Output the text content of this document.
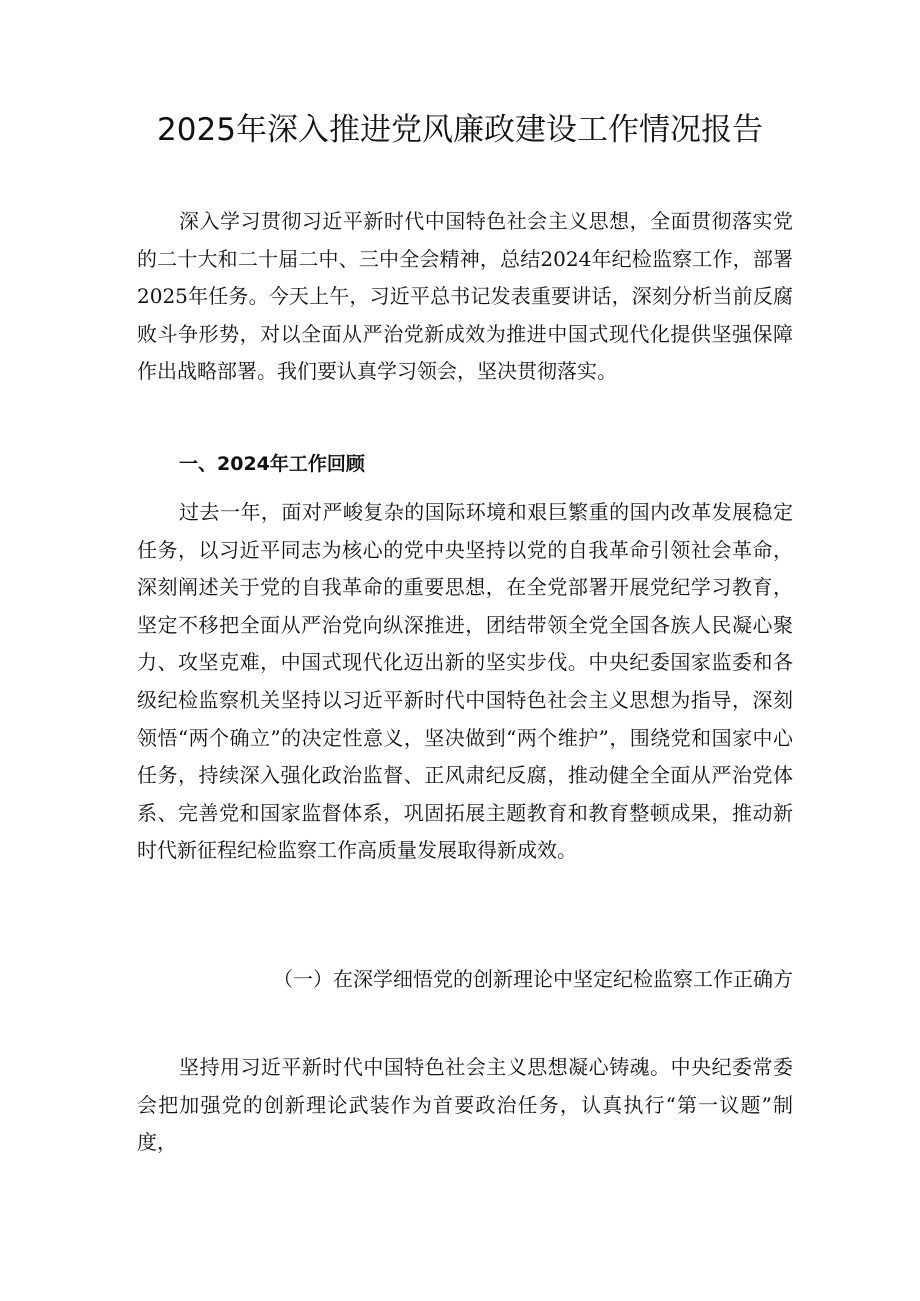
2025年深入推进党风廉政建设工作情况报告

深入学习贯彻习近平新时代中国特色社会主义思想，全面贯彻落实党的二十大和二十届二中、三中全会精神，总结2024年纪检监察工作，部署2025年任务。今天上午，习近平总书记发表重要讲话，深刻分析当前反腐败斗争形势，对以全面从严治党新成效为推进中国式现代化提供坚强保障作出战略部署。我们要认真学习领会，坚决贯彻落实。

一、2024年工作回顾

过去一年，面对严峻复杂的国际环境和艰巨繁重的国内改革发展稳定任务，以习近平同志为核心的党中央坚持以党的自我革命引领社会革命，深刻阐述关于党的自我革命的重要思想，在全党部署开展党纪学习教育，坚定不移把全面从严治党向纵深推进，团结带领全党全国各族人民凝心聚力、攻坚克难，中国式现代化迈出新的坚实步伐。中央纪委国家监委和各级纪检监察机关坚持以习近平新时代中国特色社会主义思想为指导，深刻领悟“两个确立”的决定性意义，坚决做到“两个维护”，围绕党和国家中心任务，持续深入强化政治监督、正风肃纪反腐，推动健全全面从严治党体系、完善党和国家监督体系，巩固拓展主题教育和教育整顿成果，推动新时代新征程纪检监察工作高质量发展取得新成效。

（一）在深学细悟党的创新理论中坚定纪检监察工作正确方

坚持用习近平新时代中国特色社会主义思想凝心铸魂。中央纪委常委会把加强党的创新理论武装作为首要政治任务，认真执行“第一议题”制度，
